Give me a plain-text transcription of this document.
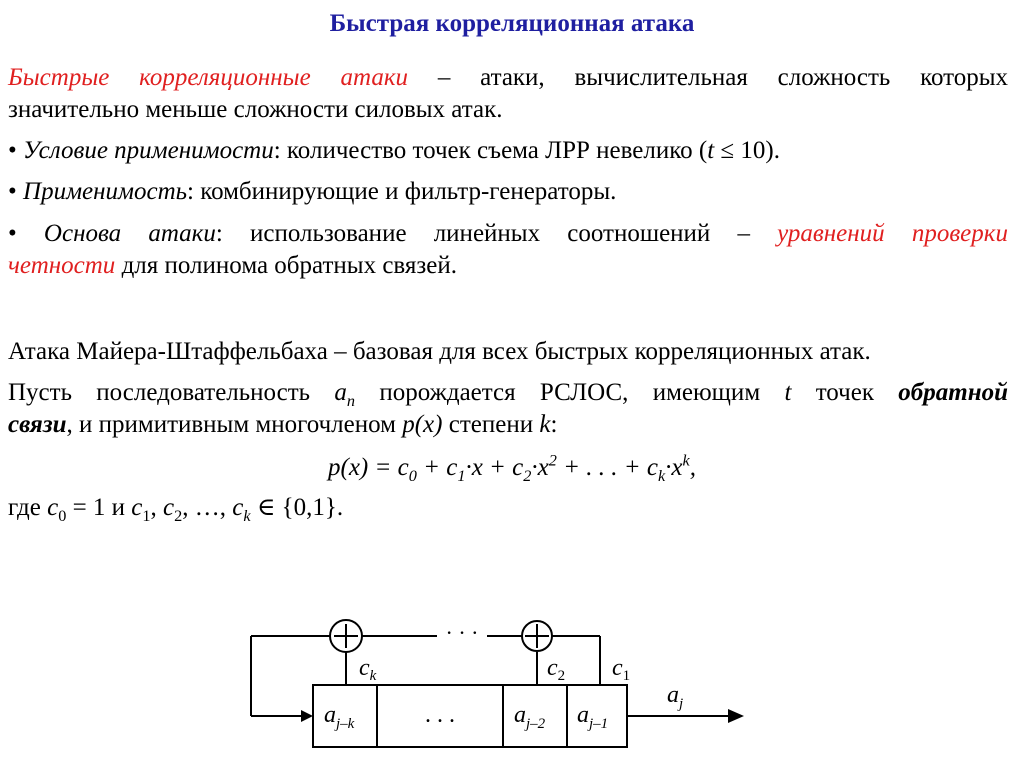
Быстрая корреляционная атака
Быстрые корреляционные атаки – атаки, вычислительная сложность которых
значительно меньше сложности силовых атак.
• Условие применимости: количество точек съема ЛРР невелико (t ≤ 10).
• Применимость: комбинирующие и фильтр-генераторы.
• Основа атаки: использование линейных соотношений – уравнений проверки
четности для полинома обратных связей.
Атака Майера-Штаффельбаха – базовая для всех быстрых корреляционных атак.
Пусть последовательность $a_n$ порождается РСЛОС, имеющим t точек обратной
связи, и примитивным многочленом p(x) степени k:
$p(x) = c_0 + c_1\cdot x + c_2\cdot x^2$ + . . . + $c_k\cdot x^k$,
где $c_0 = 1$ и $c_1$, $c_2$, …, $c_k$ ∈ {0,1}.
· · ·
$c_k$	$c_2$ $c_1$
$a_{j-k}$	. . . $a_{j-2}$ $a_{j-1}$
$a_j$
